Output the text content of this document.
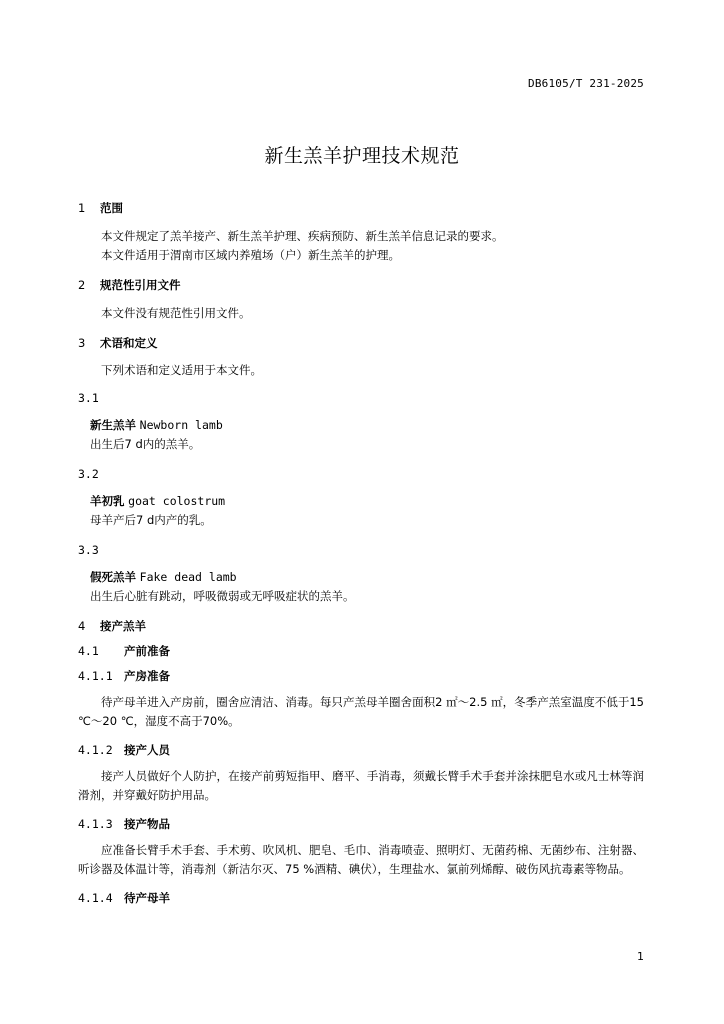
DB6105/T 231-2025
新生羔羊护理技术规范
1 范围

本文件规定了羔羊接产、新生羔羊护理、疾病预防、新生羔羊信息记录的要求。

本文件适用于渭南市区域内养殖场（户）新生羔羊的护理。

2 规范性引用文件

本文件没有规范性引用文件。

3 术语和定义

下列术语和定义适用于本文件。

3.1
新生羔羊 Newborn lamb
出生后7 d内的羔羊。
3.2
羊初乳 goat colostrum
母羊产后7 d内产的乳。
3.3
假死羔羊 Fake dead lamb
出生后心脏有跳动，呼吸微弱或无呼吸症状的羔羊。
4 接产羔羊
4.1 产前准备
4.1.1 产房准备

待产母羊进入产房前，圈舍应清洁、消毒。每只产羔母羊圈舍面积2 ㎡～2.5 ㎡，冬季产羔室温度不低于15 ℃～20 ℃，湿度不高于70%。

4.1.2 接产人员

接产人员做好个人防护，在接产前剪短指甲、磨平、手消毒，须戴长臂手术手套并涂抹肥皂水或凡士林等润滑剂，并穿戴好防护用品。

4.1.3 接产物品

应准备长臂手术手套、手术剪、吹风机、肥皂、毛巾、消毒喷壶、照明灯、无菌药棉、无菌纱布、注射器、听诊器及体温计等，消毒剂（新洁尔灭、75 %酒精、碘伏），生理盐水、氯前列烯醇、破伤风抗毒素等物品。

4.1.4 待产母羊
1
